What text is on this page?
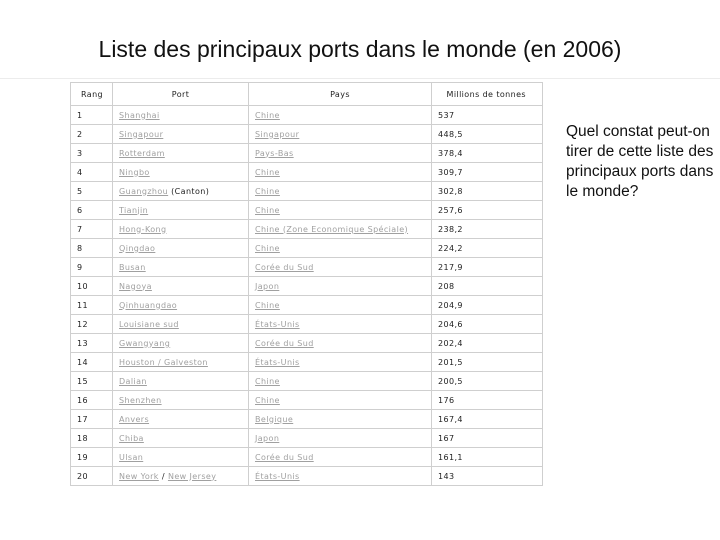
Liste des principaux ports dans le monde (en 2006)
Rang	Port	Pays	Millions de tonnes
1	Shanghai	Chine	537
2	Singapour	Singapour	448,5
3	Rotterdam	Pays-Bas	378,4
4	Ningbo	Chine	309,7
5	Guangzhou (Canton)	Chine	302,8
6	Tianjin	Chine	257,6
7	Hong-Kong	Chine (Zone Economique Spéciale)	238,2
8	Qingdao	Chine	224,2
9	Busan	Corée du Sud	217,9
10	Nagoya	Japon	208
11	Qinhuangdao	Chine	204,9
12	Louisiane sud	États-Unis	204,6
13	Gwangyang	Corée du Sud	202,4
14	Houston / Galveston	États-Unis	201,5
15	Dalian	Chine	200,5
16	Shenzhen	Chine	176
17	Anvers	Belgique	167,4
18	Chiba	Japon	167
19	Ulsan	Corée du Sud	161,1
20	New York / New Jersey	États-Unis	143
Quel constat peut-on tirer de cette liste des principaux ports dans le monde?
